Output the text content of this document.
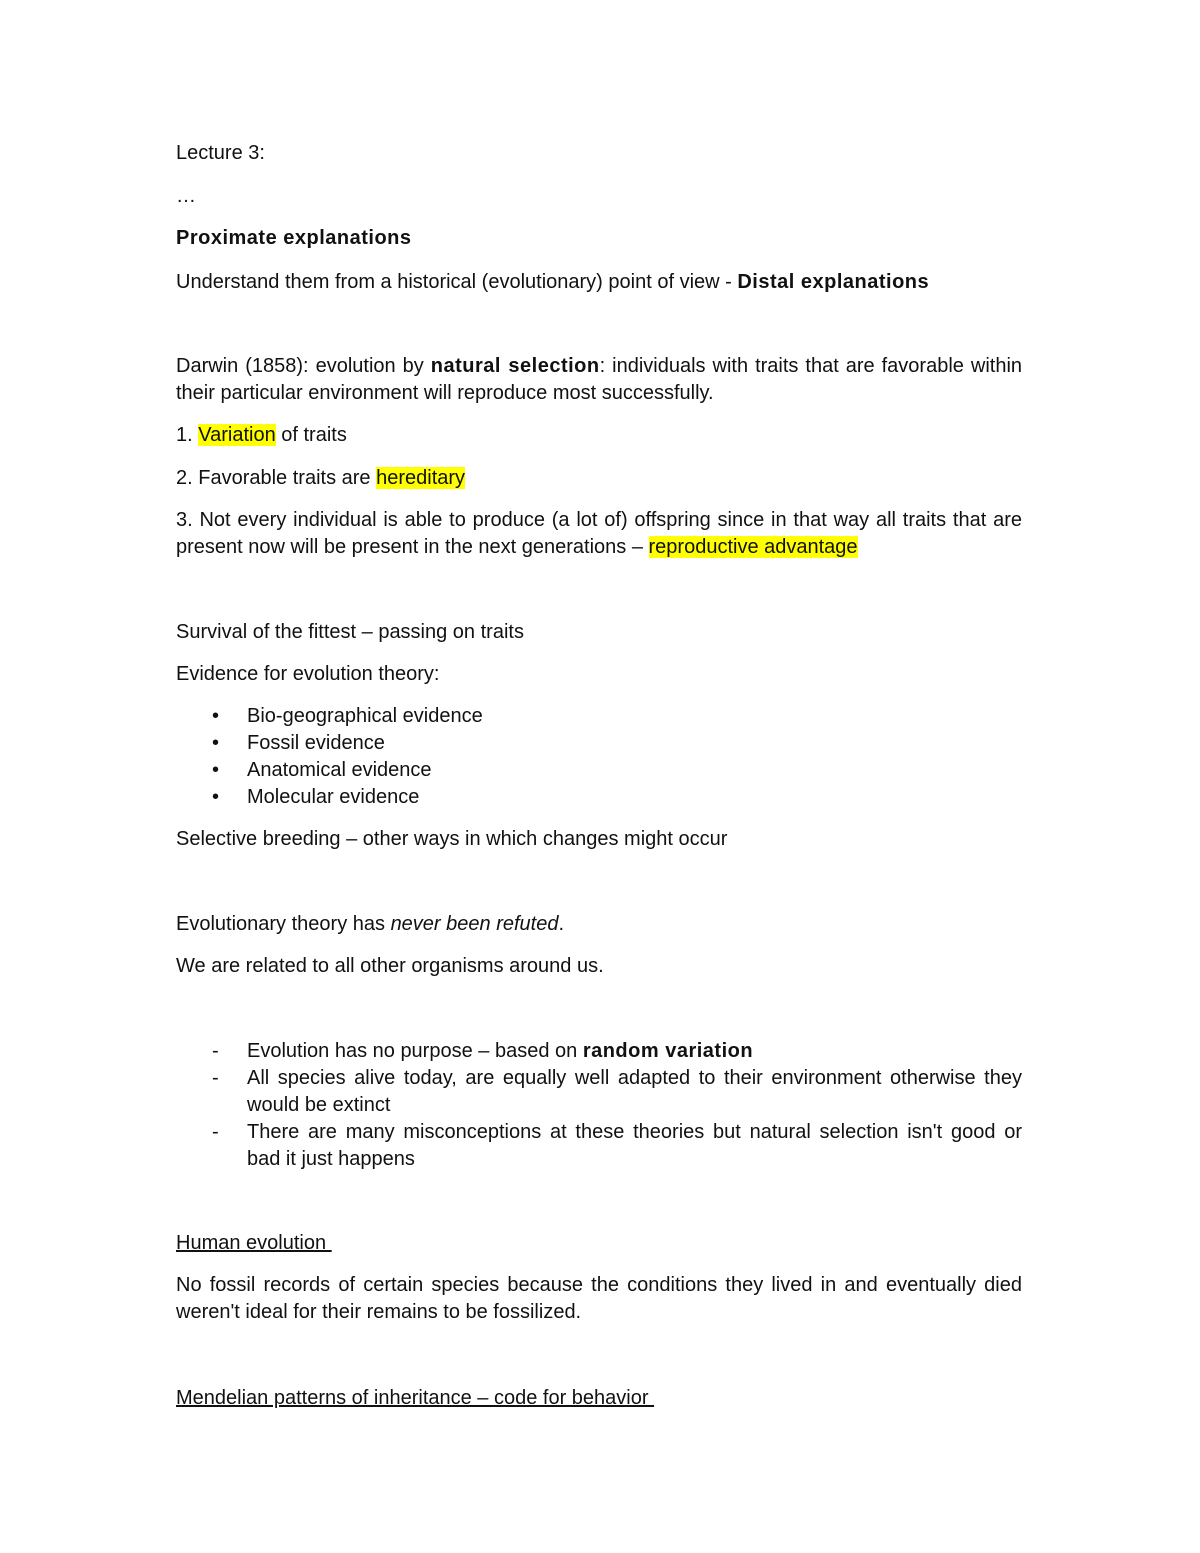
Lecture 3:

…

Proximate explanations

Understand them from a historical (evolutionary) point of view - Distal explanations

Darwin (1858): evolution by natural selection: individuals with traits that are favorable within their particular environment will reproduce most successfully.

1. Variation of traits

2. Favorable traits are hereditary

3. Not every individual is able to produce (a lot of) offspring since in that way all traits that are present now will be present in the next generations – reproductive advantage

Survival of the fittest – passing on traits

Evidence for evolution theory:

• Bio-geographical evidence
• Fossil evidence
• Anatomical evidence
• Molecular evidence

Selective breeding – other ways in which changes might occur

Evolutionary theory has never been refuted.

We are related to all other organisms around us.

- Evolution has no purpose – based on random variation
- All species alive today, are equally well adapted to their environment otherwise they would be extinct
- There are many misconceptions at these theories but natural selection isn't good or bad it just happens

Human evolution

No fossil records of certain species because the conditions they lived in and eventually died weren't ideal for their remains to be fossilized.

Mendelian patterns of inheritance – code for behavior
